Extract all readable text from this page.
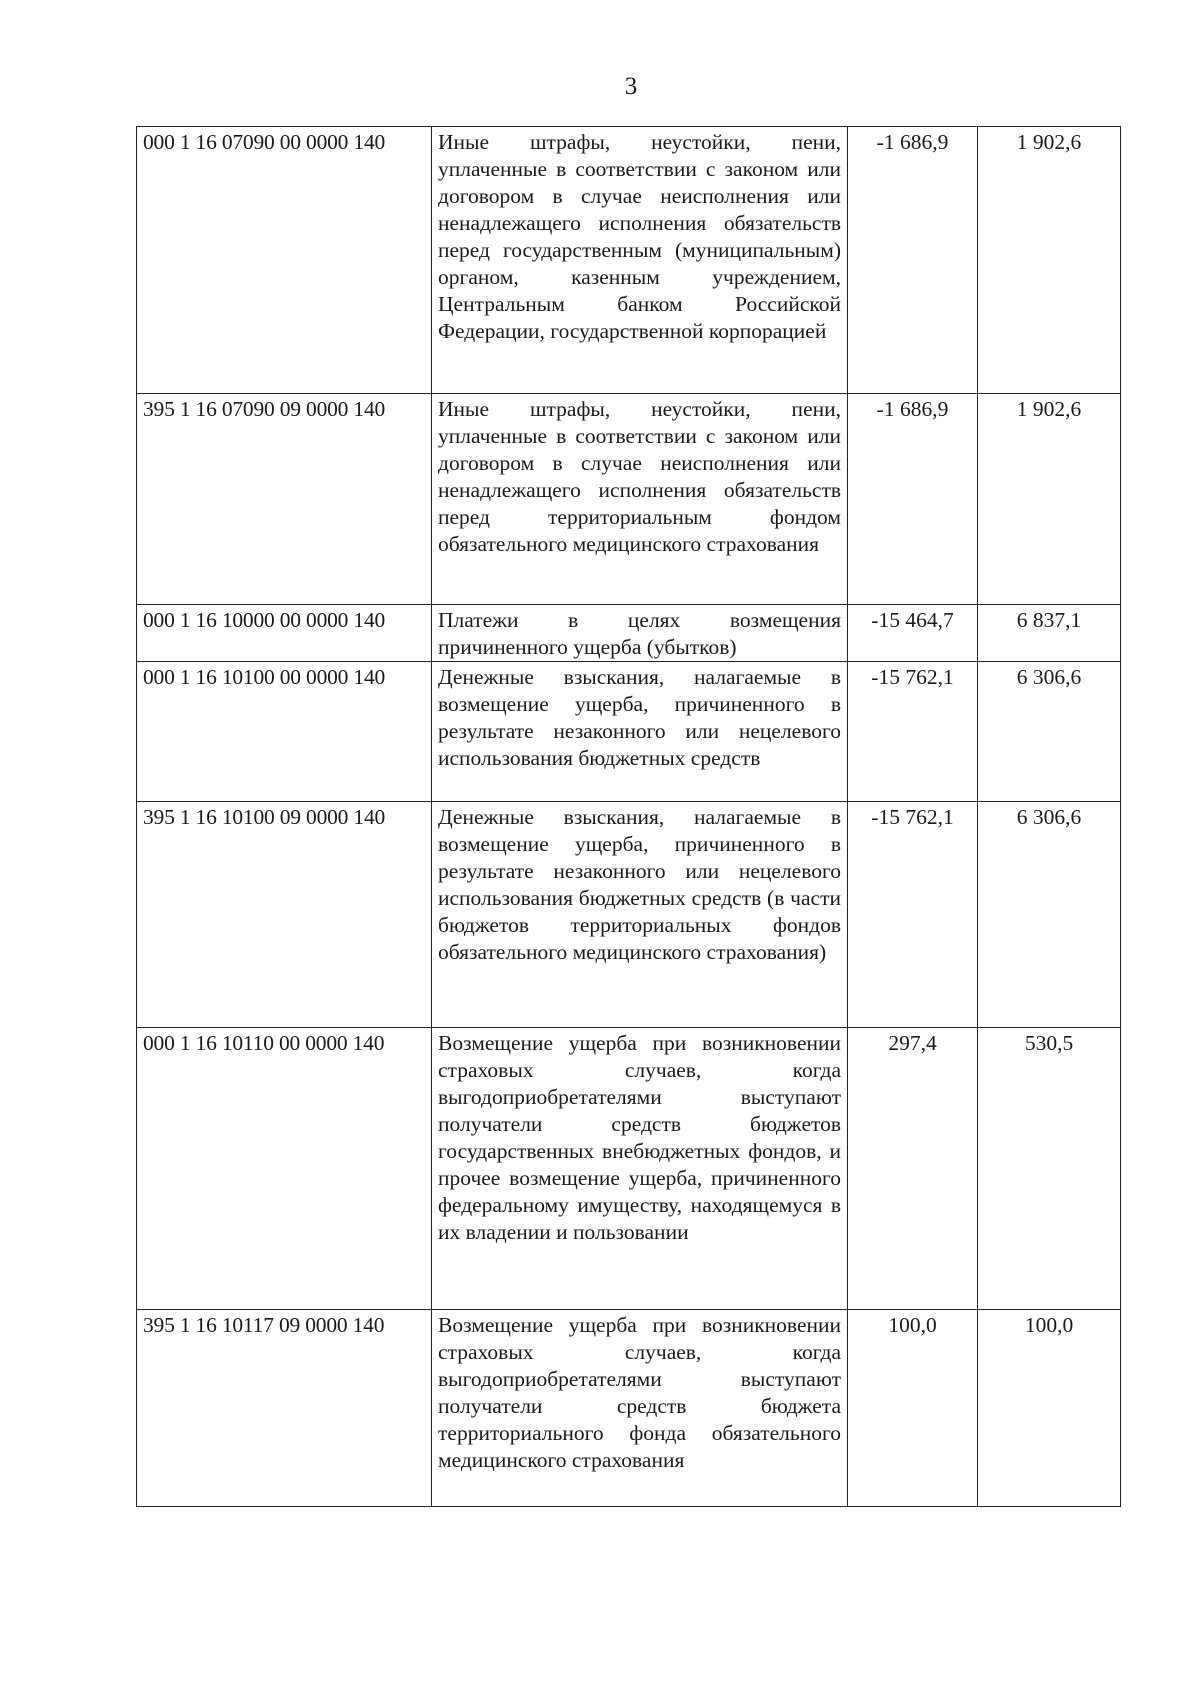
3
000 1 16 07090 00 0000 140	Иные штрафы, неустойки, пени, уплаченные в соответствии с законом или договором в случае неисполнения или ненадлежащего исполнения обязательств перед государственным (муниципальным) органом, казенным учреждением, Центральным банком Российской Федерации, государственной корпорацией	-1 686,9	1 902,6
395 1 16 07090 09 0000 140	Иные штрафы, неустойки, пени, уплаченные в соответствии с законом или договором в случае неисполнения или ненадлежащего исполнения обязательств перед территориальным фондом обязательного медицинского страхования	-1 686,9	1 902,6
000 1 16 10000 00 0000 140	Платежи в целях возмещения причиненного ущерба (убытков)	-15 464,7	6 837,1
000 1 16 10100 00 0000 140	Денежные взыскания, налагаемые в возмещение ущерба, причиненного в результате незаконного или нецелевого использования бюджетных средств	-15 762,1	6 306,6
395 1 16 10100 09 0000 140	Денежные взыскания, налагаемые в возмещение ущерба, причиненного в результате незаконного или нецелевого использования бюджетных средств (в части бюджетов территориальных фондов обязательного медицинского страхования)	-15 762,1	6 306,6
000 1 16 10110 00 0000 140	Возмещение ущерба при возникновении страховых случаев, когда выгодоприобретателями выступают получатели средств бюджетов государственных внебюджетных фондов, и прочее возмещение ущерба, причиненного федеральному имуществу, находящемуся в их владении и пользовании	297,4	530,5
395 1 16 10117 09 0000 140	Возмещение ущерба при возникновении страховых случаев, когда выгодоприобретателями выступают получатели средств бюджета территориального фонда обязательного медицинского страхования	100,0	100,0
